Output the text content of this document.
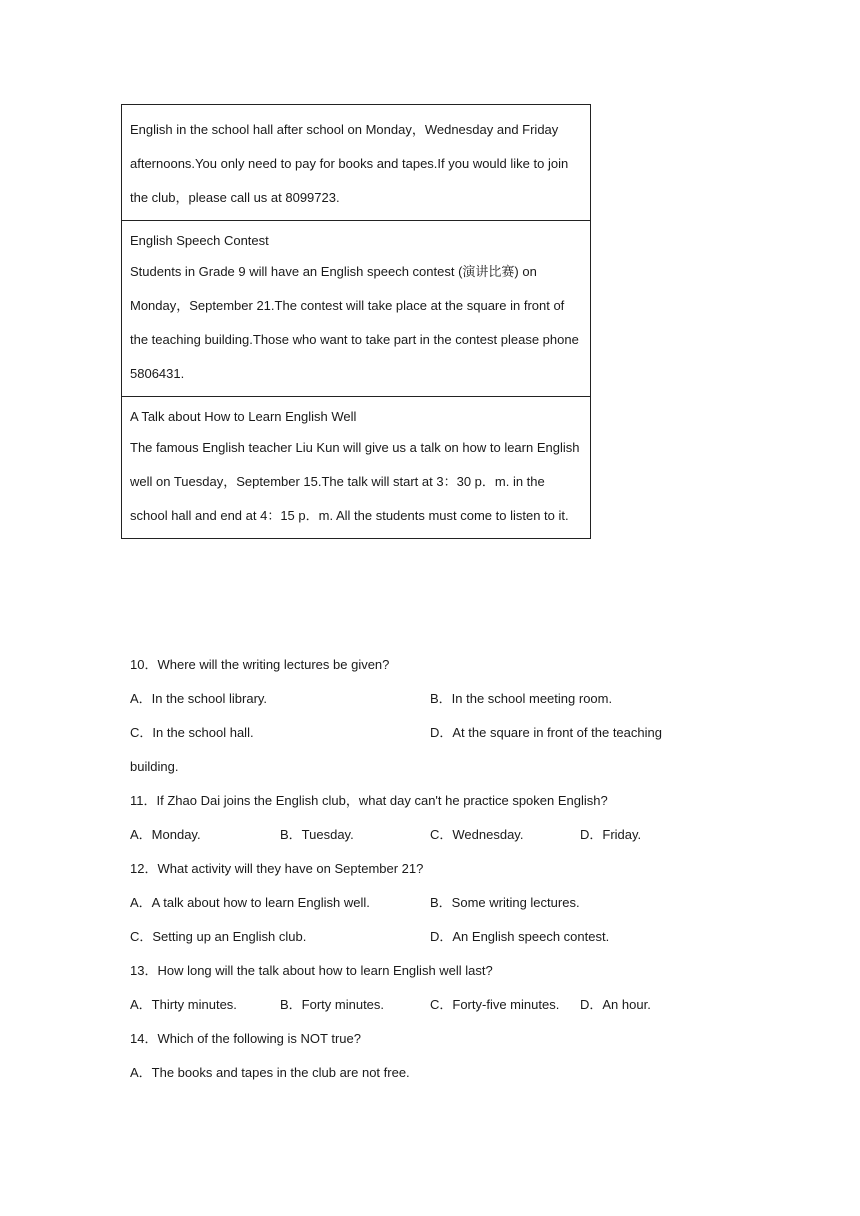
English in the school hall after school on Monday，Wednesday and Friday afternoons.You only need to pay for books and tapes.If you would like to join the club，please call us at 8099723.
English Speech Contest
Students in Grade 9 will have an English speech contest (演讲比赛) on Monday，September 21.The contest will take place at the square in front of the teaching building.Those who want to take part in the contest please phone 5806431.
A Talk about How to Learn English Well
The famous English teacher Liu Kun will give us a talk on how to learn English well on Tuesday，September 15.The talk will start at 3：30 p．m. in the school hall and end at 4：15 p．m. All the students must come to listen to it.
10．Where will the writing lectures be given?
A．In the school library.	B．In the school meeting room.
C．In the school hall.	D．At the square in front of the teaching
building.
11．If Zhao Dai joins the English club，what day can't he practice spoken English?
A．Monday.	B．Tuesday.	C．Wednesday.	D．Friday.
12．What activity will they have on September 21?
A．A talk about how to learn English well.	B．Some writing lectures.
C．Setting up an English club.	D．An English speech contest.
13．How long will the talk about how to learn English well last?
A．Thirty minutes.	B．Forty minutes.	C．Forty-five minutes.	D．An hour.
14．Which of the following is NOT true?
A．The books and tapes in the club are not free.
